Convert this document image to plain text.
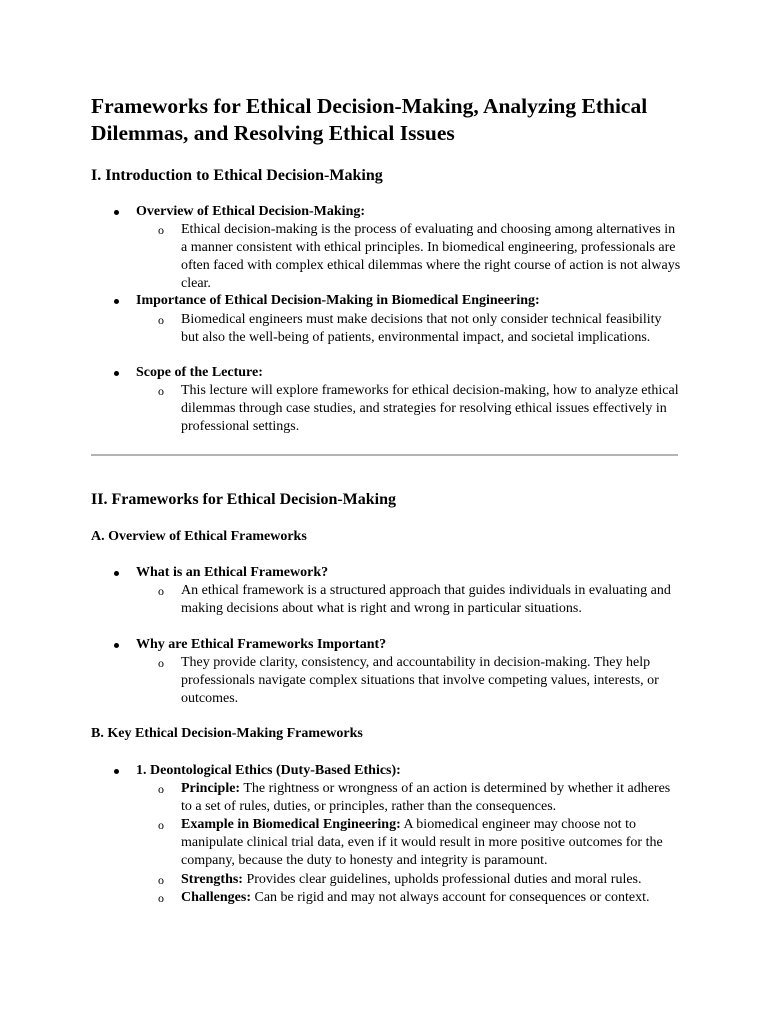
Frameworks for Ethical Decision-Making, Analyzing Ethical Dilemmas, and Resolving Ethical Issues
I. Introduction to Ethical Decision-Making

Overview of Ethical Decision-Making:

o Ethical decision-making is the process of evaluating and choosing among alternatives in a manner consistent with ethical principles. In biomedical engineering, professionals are often faced with complex ethical dilemmas where the right course of action is not always clear.

Importance of Ethical Decision-Making in Biomedical Engineering:

o Biomedical engineers must make decisions that not only consider technical feasibility but also the well-being of patients, environmental impact, and societal implications.

Scope of the Lecture:

o This lecture will explore frameworks for ethical decision-making, how to analyze ethical dilemmas through case studies, and strategies for resolving ethical issues effectively in professional settings.

II. Frameworks for Ethical Decision-Making
A. Overview of Ethical Frameworks

What is an Ethical Framework?

o An ethical framework is a structured approach that guides individuals in evaluating and making decisions about what is right and wrong in particular situations.

Why are Ethical Frameworks Important?

o They provide clarity, consistency, and accountability in decision-making. They help professionals navigate complex situations that involve competing values, interests, or outcomes.

B. Key Ethical Decision-Making Frameworks

1. Deontological Ethics (Duty-Based Ethics):

o Principle: The rightness or wrongness of an action is determined by whether it adheres to a set of rules, duties, or principles, rather than the consequences.

o Example in Biomedical Engineering: A biomedical engineer may choose not to manipulate clinical trial data, even if it would result in more positive outcomes for the company, because the duty to honesty and integrity is paramount.

o Strengths: Provides clear guidelines, upholds professional duties and moral rules.

o Challenges: Can be rigid and may not always account for consequences or context.
